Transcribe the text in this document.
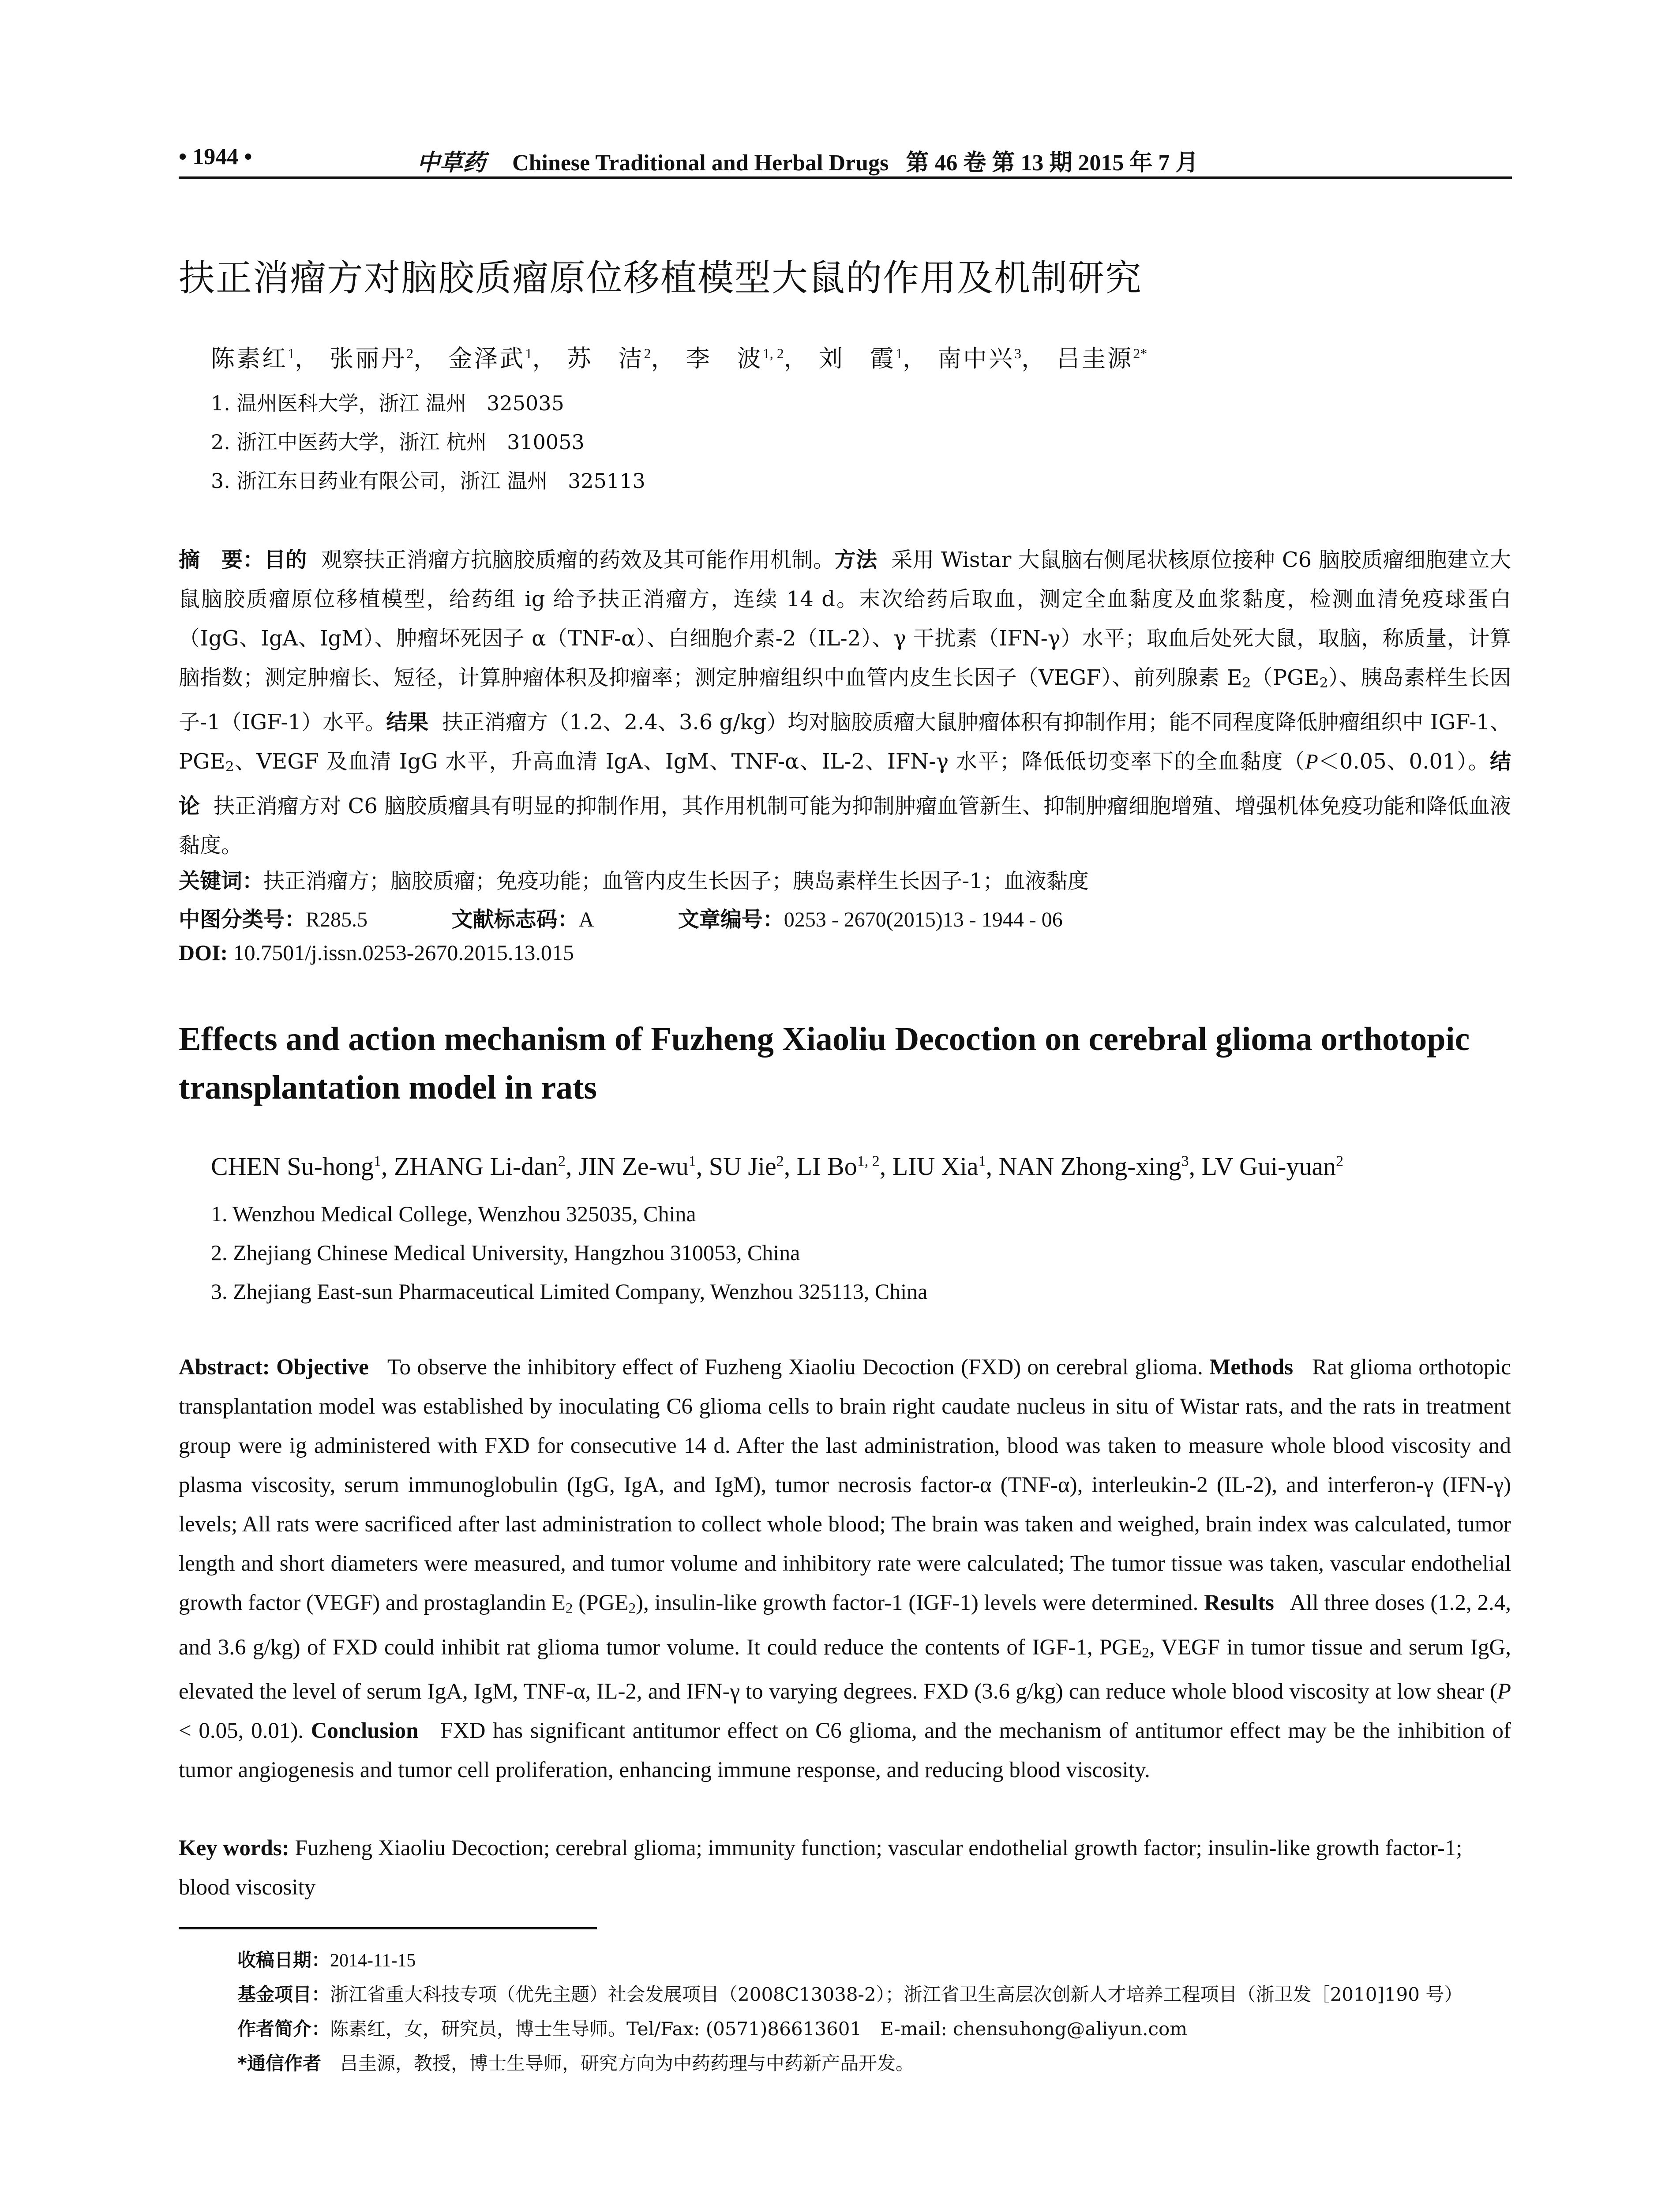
• 1944 •	中草药 Chinese Traditional and Herbal Drugs 第 46 卷 第 13 期 2015 年 7 月
扶正消瘤方对脑胶质瘤原位移植模型大鼠的作用及机制研究
陈素红$^1$， 张丽丹$^2$， 金泽武$^1$， 苏　洁$^2$， 李　波$^{1, 2}$， 刘　霞$^1$， 南中兴$^3$， 吕圭源$^{2*}$
1. 温州医科大学，浙江 温州　325035
2. 浙江中医药大学，浙江 杭州　310053
3. 浙江东日药业有限公司，浙江 温州　325113
摘　要：目的 观察扶正消瘤方抗脑胶质瘤的药效及其可能作用机制。方法 采用 Wistar 大鼠脑右侧尾状核原位接种 C6 脑胶质瘤细胞建立大鼠脑胶质瘤原位移植模型，给药组 ig 给予扶正消瘤方，连续 14 d。末次给药后取血，测定全血黏度及血浆黏度，检测血清免疫球蛋白（IgG、IgA、IgM）、肿瘤坏死因子 α（TNF-α）、白细胞介素-2（IL-2）、γ 干扰素（IFN-γ）水平；取血后处死大鼠，取脑，称质量，计算脑指数；测定肿瘤长、短径，计算肿瘤体积及抑瘤率；测定肿瘤组织中血管内皮生长因子（VEGF）、前列腺素 $E_2(PGE_2)$、胰岛素样生长因子-1（IGF-1）水平。结果 扶正消瘤方（1.2、2.4、3.6 g/kg）均对脑胶质瘤大鼠肿瘤体积有抑制作用；能不同程度降低肿瘤组织中 IGF-1、$PGE_2$、VEGF 及血清 IgG 水平，升高血清 IgA、IgM、TNF-α、IL-2、IFN-γ 水平；降低低切变率下的全血黏度（P＜0.05、0.01）。结论 扶正消瘤方对 C6 脑胶质瘤具有明显的抑制作用，其作用机制可能为抑制肿瘤血管新生、抑制肿瘤细胞增殖、增强机体免疫功能和降低血液黏度。
关键词：扶正消瘤方；脑胶质瘤；免疫功能；血管内皮生长因子；胰岛素样生长因子-1；血液黏度
中图分类号：R285.5	文献标志码：A	文章编号：0253 - 2670(2015)13 - 1944 - 06
DOI: 10.7501/j.issn.0253-2670.2015.13.015
Effects and action mechanism of Fuzheng Xiaoliu Decoction on cerebral glioma orthotopic transplantation model in rats
CHEN Su-hong$^1$, ZHANG Li-dan$^2$, JIN $Ze-wu^1$, SU Jie$^2$, LI Bo$^{1, 2}$, LIU Xia$^1$, NAN Zhong-xing$^3$, LV Gui-yuan$^2$
1. Wenzhou Medical College, Wenzhou 325035, China
2. Zhejiang Chinese Medical University, Hangzhou 310053, China
3. Zhejiang East-sun Pharmaceutical Limited Company, Wenzhou 325113, China
Abstract: Objective To observe the inhibitory effect of Fuzheng Xiaoliu Decoction (FXD) on cerebral glioma. Methods Rat glioma orthotopic transplantation model was established by inoculating C6 glioma cells to brain right caudate nucleus in situ of Wistar rats, and the rats in treatment group were ig administered with FXD for consecutive 14 d. After the last administration, blood was taken to measure whole blood viscosity and plasma viscosity, serum immunoglobulin (IgG, IgA, and IgM), tumor necrosis factor-α (TNF-α), interleukin-2 (IL-2), and interferon-γ (IFN-γ) levels; All rats were sacrificed after last administration to collect whole blood; The brain was taken and weighed, brain index was calculated, tumor length and short diameters were measured, and tumor volume and inhibitory rate were calculated; The tumor tissue was taken, vascular endothelial growth factor (VEGF) and prostaglandin $E_2$ $(PGE_2)$, insulin-like growth factor-1 (IGF-1) levels were determined. Results All three doses (1.2, 2.4, and 3.6 g/kg) of FXD could inhibit rat glioma tumor volume. It could reduce the contents of IGF-1, $PGE_2$, VEGF in tumor tissue and serum IgG, elevated the level of serum IgA, IgM, TNF-α, IL-2, and IFN-γ to varying degrees. FXD (3.6 g/kg) can reduce whole blood viscosity at low shear (P < 0.05, 0.01). Conclusion FXD has significant antitumor effect on C6 glioma, and the mechanism of antitumor effect may be the inhibition of tumor angiogenesis and tumor cell proliferation, enhancing immune response, and reducing blood viscosity.
Key words: Fuzheng Xiaoliu Decoction; cerebral glioma; immunity function; vascular endothelial growth factor; insulin-like growth factor-1; blood viscosity
收稿日期：2014-11-15
基金项目：浙江省重大科技专项（优先主题）社会发展项目（2008C13038-2）；浙江省卫生高层次创新人才培养工程项目（浙卫发［2010]190 号）
作者简介：陈素红，女，研究员，博士生导师。Tel/Fax: (0571)86613601　E-mail: chensuhong@aliyun.com
*通信作者　吕圭源，教授，博士生导师，研究方向为中药药理与中药新产品开发。
